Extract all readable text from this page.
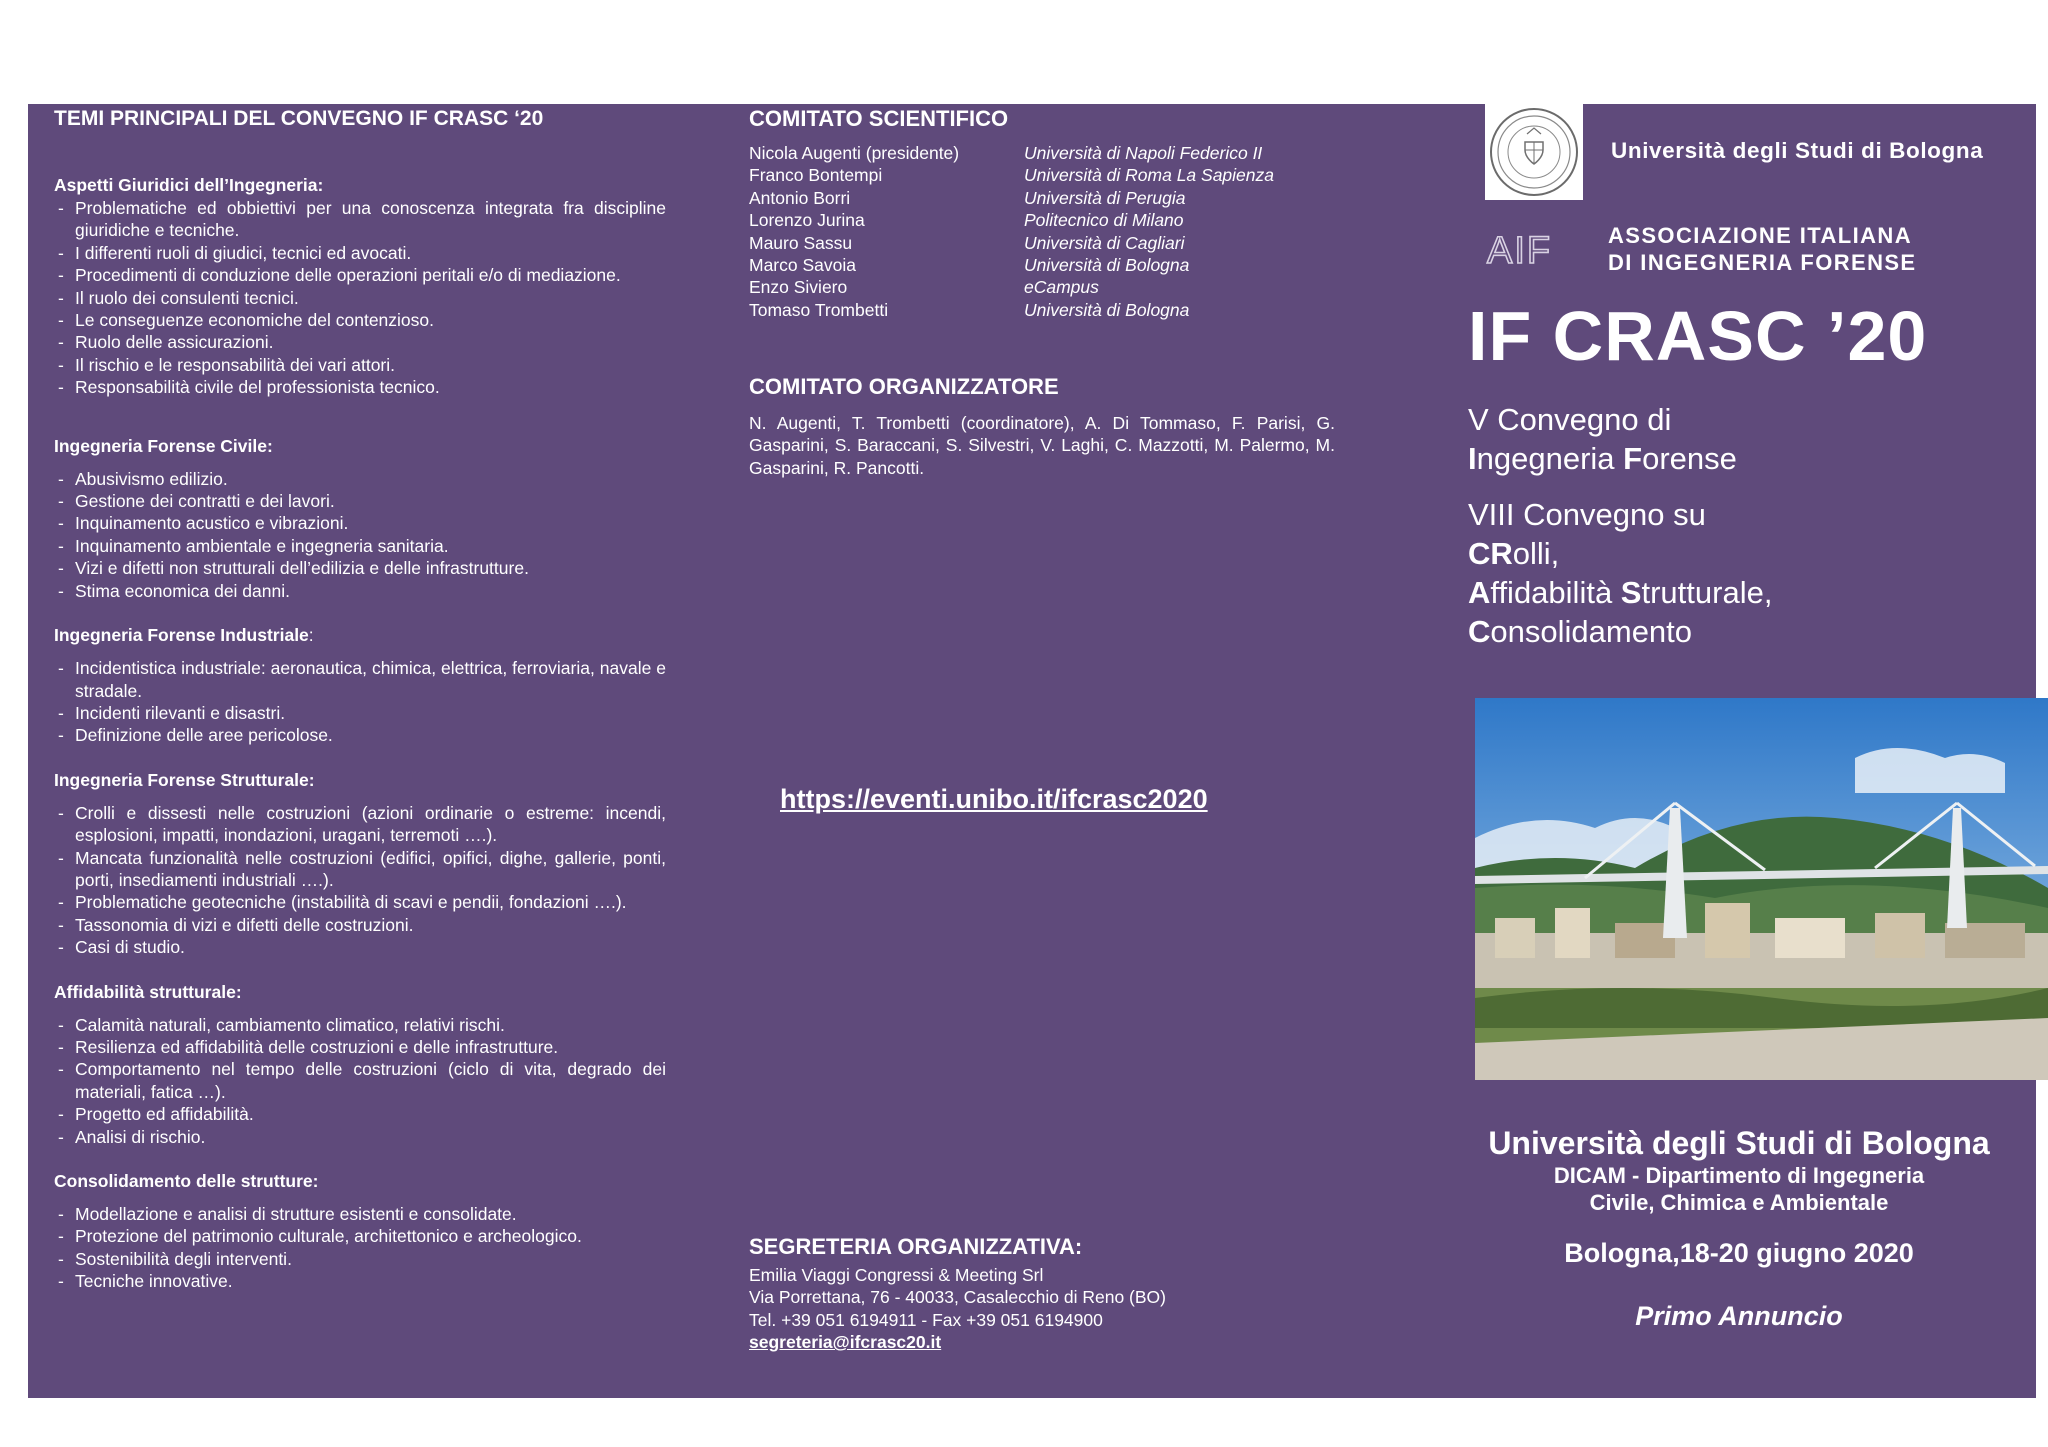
TEMI PRINCIPALI DEL CONVEGNO IF CRASC ‘20
Aspetti Giuridici dell’Ingegneria:
- Problematiche ed obbiettivi per una conoscenza integrata fra discipline giuridiche e tecniche.
- I differenti ruoli di giudici, tecnici ed avocati.
- Procedimenti di conduzione delle operazioni peritali e/o di mediazione.
- Il ruolo dei consulenti tecnici.
- Le conseguenze economiche del contenzioso.
- Ruolo delle assicurazioni.
- Il rischio e le responsabilità dei vari attori.
- Responsabilità civile del professionista tecnico.
Ingegneria Forense Civile:
- Abusivismo edilizio.
- Gestione dei contratti e dei lavori.
- Inquinamento acustico e vibrazioni.
- Inquinamento ambientale e ingegneria sanitaria.
- Vizi e difetti non strutturali dell’edilizia e delle infrastrutture.
- Stima economica dei danni.
Ingegneria Forense Industriale:
- Incidentistica industriale: aeronautica, chimica, elettrica, ferroviaria, navale e stradale.
- Incidenti rilevanti e disastri.
- Definizione delle aree pericolose.
Ingegneria Forense Strutturale:
- Crolli e dissesti nelle costruzioni (azioni ordinarie o estreme: incendi, esplosioni, impatti, inondazioni, uragani, terremoti ….).
- Mancata funzionalità nelle costruzioni (edifici, opifici, dighe, gallerie, ponti, porti, insediamenti industriali ….).
- Problematiche geotecniche (instabilità di scavi e pendii, fondazioni ….).
- Tassonomia di vizi e difetti delle costruzioni.
- Casi di studio.
Affidabilità strutturale:
- Calamità naturali, cambiamento climatico, relativi rischi.
- Resilienza ed affidabilità delle costruzioni e delle infrastrutture.
- Comportamento nel tempo delle costruzioni (ciclo di vita, degrado dei materiali, fatica …).
- Progetto ed affidabilità.
- Analisi di rischio.
Consolidamento delle strutture:
- Modellazione e analisi di strutture esistenti e consolidate.
- Protezione del patrimonio culturale, architettonico e archeologico.
- Sostenibilità degli interventi.
- Tecniche innovative.
COMITATO SCIENTIFICO
Nicola Augenti (presidente)	Università di Napoli Federico II
Franco Bontempi	Università di Roma La Sapienza
Antonio Borri	Università di Perugia
Lorenzo Jurina	Politecnico di Milano
Mauro Sassu	Università di Cagliari
Marco Savoia	Università di Bologna
Enzo Siviero	eCampus
Tomaso Trombetti	Università di Bologna
COMITATO ORGANIZZATORE
N. Augenti, T. Trombetti (coordinatore), A. Di Tommaso, F. Parisi, G. Gasparini, S. Baraccani, S. Silvestri, V. Laghi, C. Mazzotti, M. Palermo, M. Gasparini, R. Pancotti.
https://eventi.unibo.it/ifcrasc2020
SEGRETERIA ORGANIZZATIVA:
Emilia Viaggi Congressi & Meeting Srl
Via Porrettana, 76 - 40033, Casalecchio di Reno (BO)
Tel. +39 051 6194911 - Fax +39 051 6194900
segreteria@ifcrasc20.it
Università degli Studi di Bologna
AIF	ASSOCIAZIONE ITALIANA
DI INGEGNERIA FORENSE
IF CRASC ’20
V Convegno di
Ingegneria Forense
VIII Convegno su
CRolli,
Affidabilità Strutturale,
Consolidamento
Università degli Studi di Bologna
DICAM - Dipartimento di Ingegneria
Civile, Chimica e Ambientale
Bologna,18-20 giugno 2020
Primo Annuncio
